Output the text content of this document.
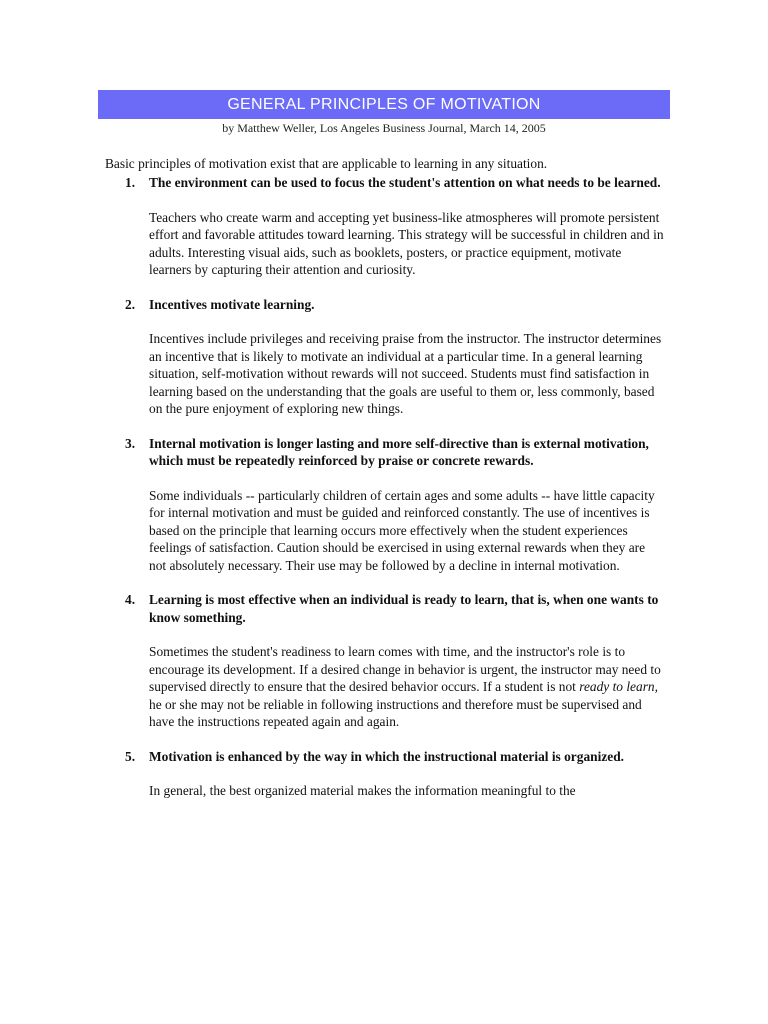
GENERAL PRINCIPLES OF MOTIVATION
by Matthew Weller, Los Angeles Business Journal, March 14, 2005
Basic principles of motivation exist that are applicable to learning in any situation.
1. The environment can be used to focus the student's attention on what needs to be learned.

Teachers who create warm and accepting yet business-like atmospheres will promote persistent effort and favorable attitudes toward learning. This strategy will be successful in children and in adults. Interesting visual aids, such as booklets, posters, or practice equipment, motivate learners by capturing their attention and curiosity.

2. Incentives motivate learning.

Incentives include privileges and receiving praise from the instructor. The instructor determines an incentive that is likely to motivate an individual at a particular time. In a general learning situation, self-motivation without rewards will not succeed. Students must find satisfaction in learning based on the understanding that the goals are useful to them or, less commonly, based on the pure enjoyment of exploring new things.

3. Internal motivation is longer lasting and more self-directive than is external motivation, which must be repeatedly reinforced by praise or concrete rewards.

Some individuals -- particularly children of certain ages and some adults -- have little capacity for internal motivation and must be guided and reinforced constantly. The use of incentives is based on the principle that learning occurs more effectively when the student experiences feelings of satisfaction. Caution should be exercised in using external rewards when they are not absolutely necessary. Their use may be followed by a decline in internal motivation.

4. Learning is most effective when an individual is ready to learn, that is, when one wants to know something.

Sometimes the student's readiness to learn comes with time, and the instructor's role is to encourage its development. If a desired change in behavior is urgent, the instructor may need to supervised directly to ensure that the desired behavior occurs. If a student is not ready to learn, he or she may not be reliable in following instructions and therefore must be supervised and have the instructions repeated again and again.

5. Motivation is enhanced by the way in which the instructional material is organized.

In general, the best organized material makes the information meaningful to the
